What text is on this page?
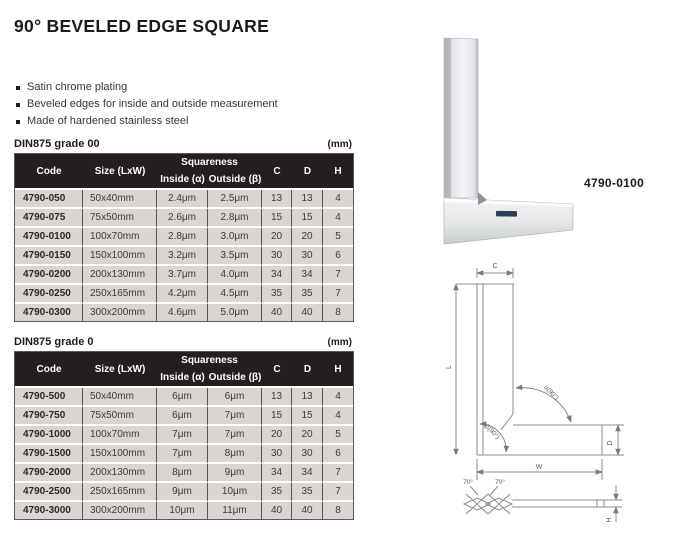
90° BEVELED EDGE SQUARE
Satin chrome plating
Beveled edges for inside and outside measurement
Made of hardened stainless steel
DIN875 grade 00	(mm)
Code	Size (LxW)	Squareness		C	D	H
		Inside (α)	Outside (β)			
4790-050	50x40mm	2.4μm	2.5μm	13	13	4
4790-075	75x50mm	2.6μm	2.8μm	15	15	4
4790-0100	100x70mm	2.8μm	3.0μm	20	20	5
4790-0150	150x100mm	3.2μm	3.5μm	30	30	6
4790-0200	200x130mm	3.7μm	4.0μm	34	34	7
4790-0250	250x165mm	4.2μm	4.5μm	35	35	7
4790-0300	300x200mm	4.6μm	5.0μm	40	40	8
DIN875 grade 0	(mm)
Code	Size (LxW)	Squareness		C	D	H
		Inside (α)	Outside (β)			
4790-500	50x40mm	6μm	6μm	13	13	4
4790-750	75x50mm	6μm	7μm	15	15	4
4790-1000	100x70mm	7μm	7μm	20	20	5
4790-1500	150x100mm	7μm	8μm	30	30	6
4790-2000	200x130mm	8μm	9μm	34	34	7
4790-2500	250x165mm	9μm	10μm	35	35	7
4790-3000	300x200mm	10μm	11μm	40	40	8
4790-0100
C
L
α(90°)
β(90°)
D
W
70°	70°
H
